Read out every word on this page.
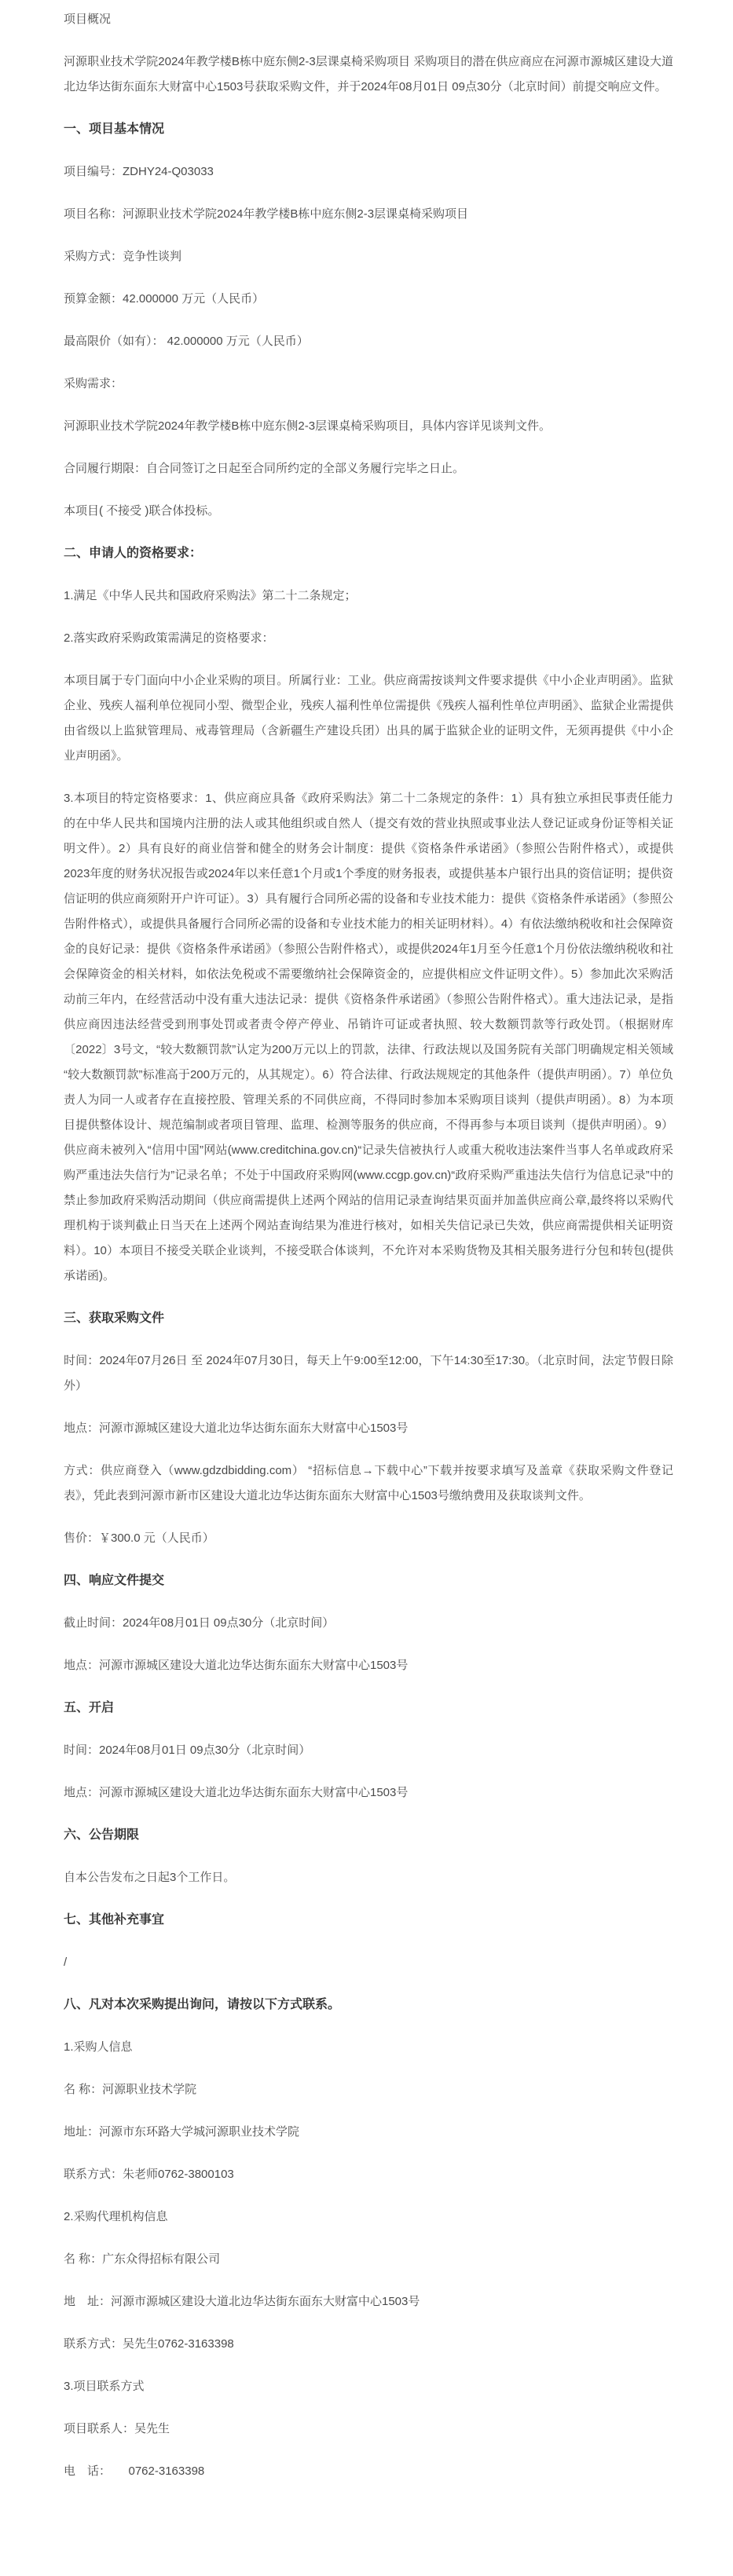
项目概况

河源职业技术学院2024年教学楼B栋中庭东侧2-3层课桌椅采购项目 采购项目的潜在供应商应在河源市源城区建设大道北边华达街东面东大财富中心1503号获取采购文件，并于2024年08月01日 09点30分（北京时间）前提交响应文件。

一、项目基本情况

项目编号：ZDHY24-Q03033

项目名称：河源职业技术学院2024年教学楼B栋中庭东侧2-3层课桌椅采购项目

采购方式：竞争性谈判

预算金额：42.000000 万元（人民币）

最高限价（如有）： 42.000000 万元（人民币）

采购需求：

河源职业技术学院2024年教学楼B栋中庭东侧2-3层课桌椅采购项目，具体内容详见谈判文件。

合同履行期限：自合同签订之日起至合同所约定的全部义务履行完毕之日止。

本项目( 不接受 )联合体投标。

二、申请人的资格要求：

1.满足《中华人民共和国政府采购法》第二十二条规定；

2.落实政府采购政策需满足的资格要求：

本项目属于专门面向中小企业采购的项目。所属行业：工业。供应商需按谈判文件要求提供《中小企业声明函》。监狱企业、残疾人福利单位视同小型、微型企业，残疾人福利性单位需提供《残疾人福利性单位声明函》、监狱企业需提供由省级以上监狱管理局、戒毒管理局（含新疆生产建设兵团）出具的属于监狱企业的证明文件，无须再提供《中小企业声明函》。

3.本项目的特定资格要求：1、供应商应具备《政府采购法》第二十二条规定的条件：1）具有独立承担民事责任能力的在中华人民共和国境内注册的法人或其他组织或自然人（提交有效的营业执照或事业法人登记证或身份证等相关证明文件）。2）具有良好的商业信誉和健全的财务会计制度：提供《资格条件承诺函》（参照公告附件格式），或提供2023年度的财务状况报告或2024年以来任意1个月或1个季度的财务报表，或提供基本户银行出具的资信证明；提供资信证明的供应商须附开户许可证）。3）具有履行合同所必需的设备和专业技术能力：提供《资格条件承诺函》（参照公告附件格式），或提供具备履行合同所必需的设备和专业技术能力的相关证明材料）。4）有依法缴纳税收和社会保障资金的良好记录：提供《资格条件承诺函》（参照公告附件格式），或提供2024年1月至今任意1个月份依法缴纳税收和社会保障资金的相关材料，如依法免税或不需要缴纳社会保障资金的，应提供相应文件证明文件）。5）参加此次采购活动前三年内，在经营活动中没有重大违法记录：提供《资格条件承诺函》（参照公告附件格式）。重大违法记录，是指供应商因违法经营受到刑事处罚或者责令停产停业、吊销许可证或者执照、较大数额罚款等行政处罚。（根据财库〔2022〕3号文，“较大数额罚款”认定为200万元以上的罚款，法律、行政法规以及国务院有关部门明确规定相关领域“较大数额罚款”标准高于200万元的，从其规定）。6）符合法律、行政法规规定的其他条件（提供声明函）。7）单位负责人为同一人或者存在直接控股、管理关系的不同供应商，不得同时参加本采购项目谈判（提供声明函）。8）为本项目提供整体设计、规范编制或者项目管理、监理、检测等服务的供应商，不得再参与本项目谈判（提供声明函）。9）供应商未被列入“信用中国”网站(www.creditchina.gov.cn)“记录失信被执行人或重大税收违法案件当事人名单或政府采购严重违法失信行为”记录名单；不处于中国政府采购网(www.ccgp.gov.cn)“政府采购严重违法失信行为信息记录”中的禁止参加政府采购活动期间（供应商需提供上述两个网站的信用记录查询结果页面并加盖供应商公章,最终将以采购代理机构于谈判截止日当天在上述两个网站查询结果为准进行核对，如相关失信记录已失效，供应商需提供相关证明资料）。10）本项目不接受关联企业谈判，不接受联合体谈判，不允许对本采购货物及其相关服务进行分包和转包(提供承诺函)。

三、获取采购文件

时间：2024年07月26日 至 2024年07月30日，每天上午9:00至12:00，下午14:30至17:30。（北京时间，法定节假日除外）

地点：河源市源城区建设大道北边华达街东面东大财富中心1503号

方式：供应商登入（www.gdzdbidding.com） “招标信息→下载中心”下载并按要求填写及盖章《获取采购文件登记表》，凭此表到河源市新市区建设大道北边华达街东面东大财富中心1503号缴纳费用及获取谈判文件。

售价：￥300.0 元（人民币）

四、响应文件提交

截止时间：2024年08月01日 09点30分（北京时间）

地点：河源市源城区建设大道北边华达街东面东大财富中心1503号

五、开启

时间：2024年08月01日 09点30分（北京时间）

地点：河源市源城区建设大道北边华达街东面东大财富中心1503号

六、公告期限

自本公告发布之日起3个工作日。

七、其他补充事宜

/

八、凡对本次采购提出询问，请按以下方式联系。

1.采购人信息

名 称：河源职业技术学院

地址：河源市东环路大学城河源职业技术学院

联系方式：朱老师0762-3800103

2.采购代理机构信息

名 称：广东众得招标有限公司

地　址：河源市源城区建设大道北边华达街东面东大财富中心1503号

联系方式：吴先生0762-3163398

3.项目联系方式

项目联系人：吴先生

电　话：　　0762-3163398
